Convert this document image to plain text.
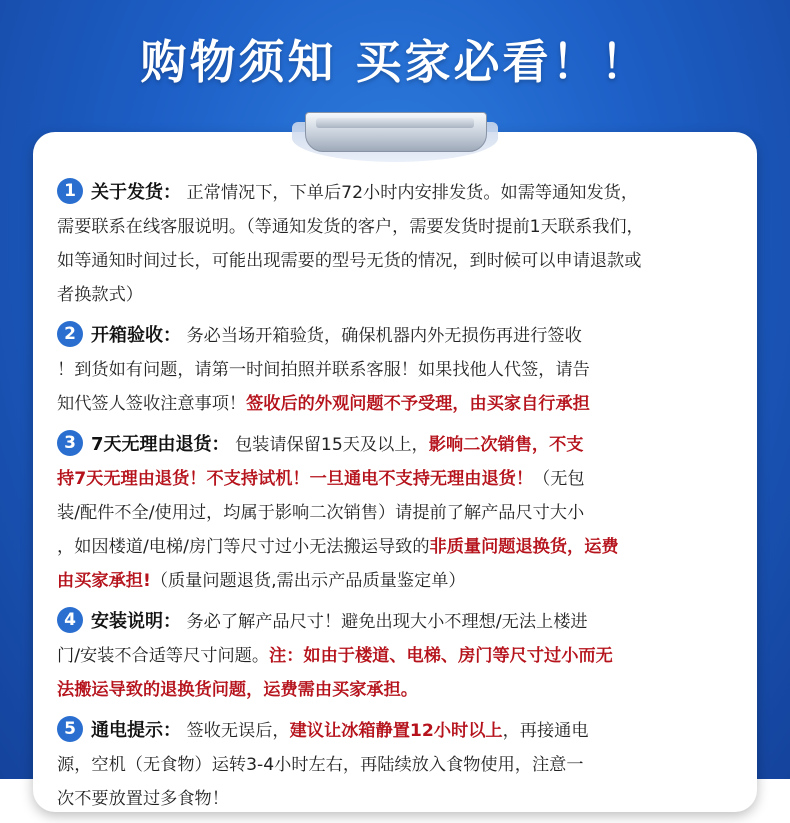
购物须知 买家必看！！
1 关于发货： 正常情况下，下单后72小时内安排发货。如需等通知发货，
需要联系在线客服说明。（等通知发货的客户，需要发货时提前1天联系我们，
如等通知时间过长，可能出现需要的型号无货的情况，到时候可以申请退款或
者换款式）
2 开箱验收： 务必当场开箱验货，确保机器内外无损伤再进行签收
！到货如有问题，请第一时间拍照并联系客服！如果找他人代签，请告
知代签人签收注意事项！签收后的外观问题不予受理，由买家自行承担
3 7天无理由退货： 包装请保留15天及以上，影响二次销售，不支
持7天无理由退货！不支持试机！一旦通电不支持无理由退货！（无包
装/配件不全/使用过，均属于影响二次销售）请提前了解产品尺寸大小
，如因楼道/电梯/房门等尺寸过小无法搬运导致的非质量问题退换货，运费
由买家承担!（质量问题退货,需出示产品质量鉴定单）
4 安装说明： 务必了解产品尺寸！避免出现大小不理想/无法上楼进
门/安装不合适等尺寸问题。注：如由于楼道、电梯、房门等尺寸过小而无
法搬运导致的退换货问题，运费需由买家承担。
5 通电提示： 签收无误后，建议让冰箱静置12小时以上，再接通电
源，空机（无食物）运转3-4小时左右，再陆续放入食物使用，注意一
次不要放置过多食物！
